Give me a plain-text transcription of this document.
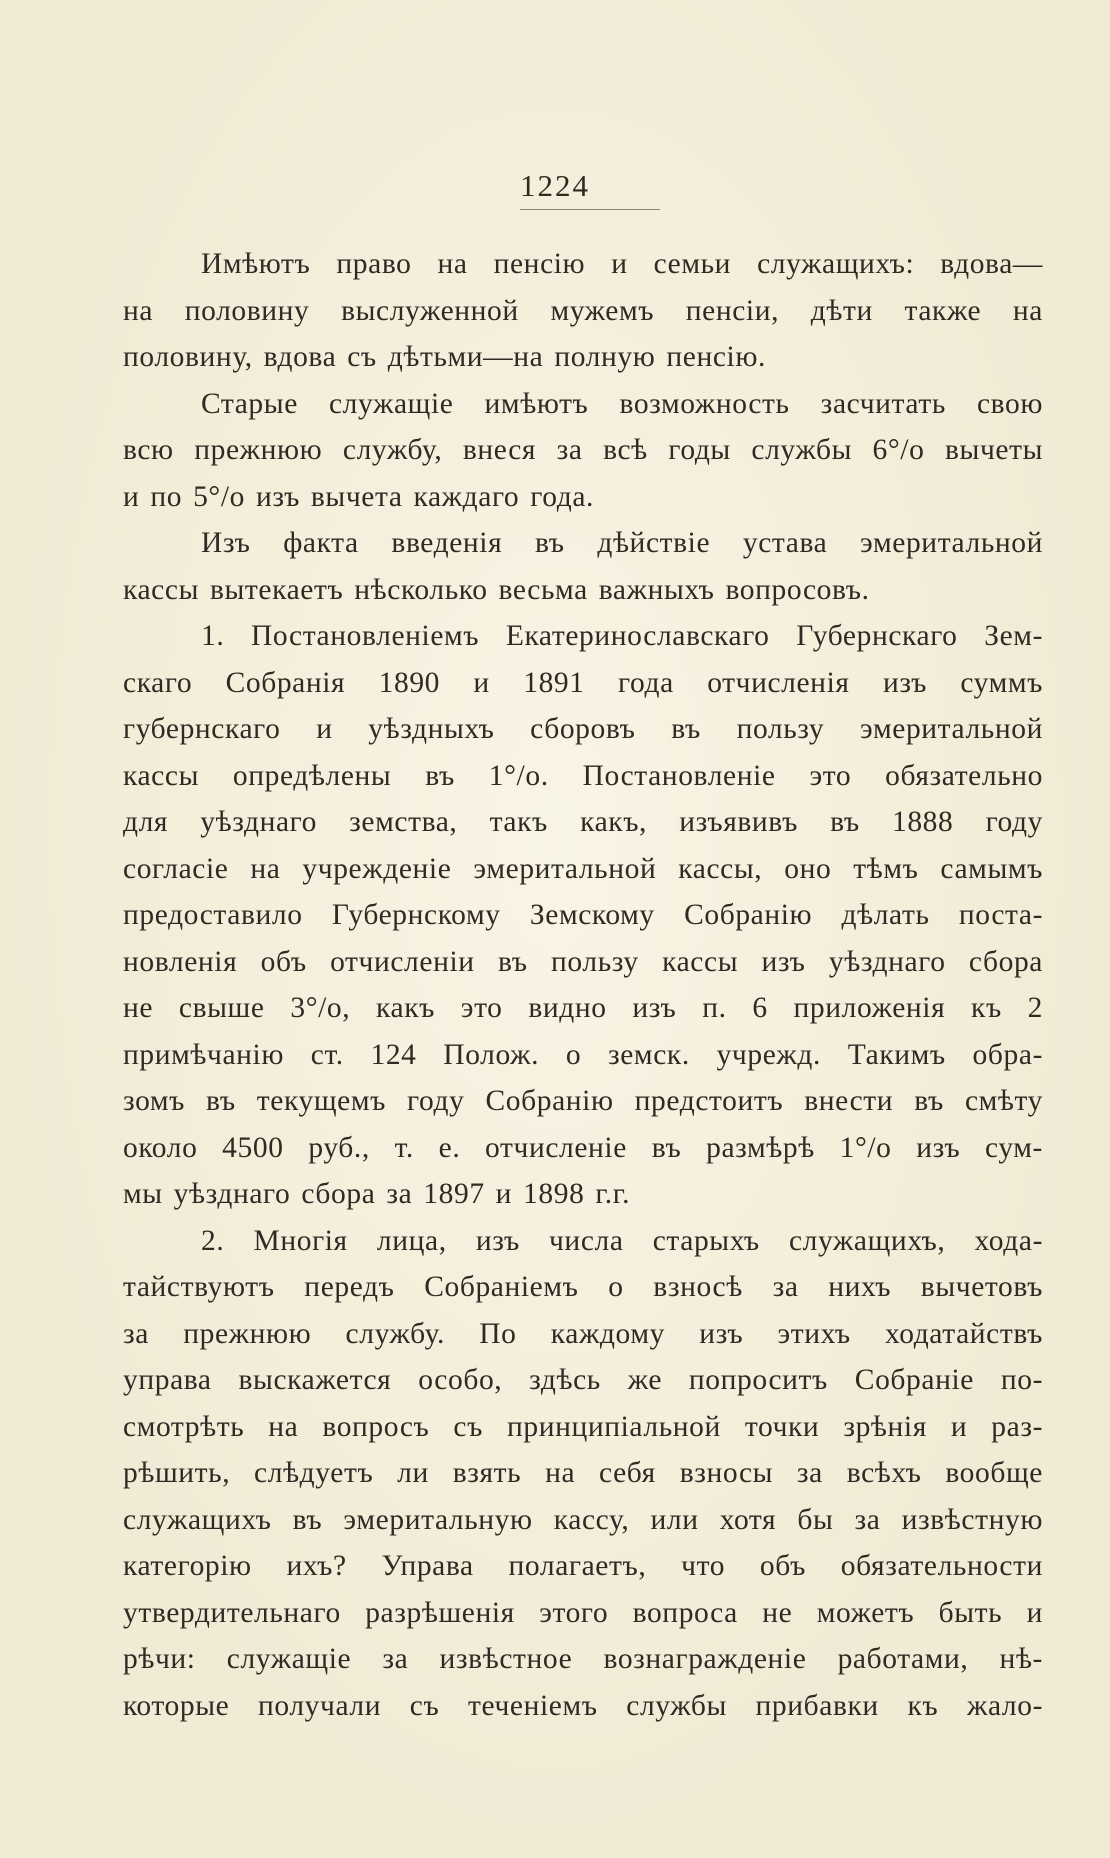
1224
Имѣютъ право на пенсію и семьи служащихъ: вдова—
на половину выслуженной мужемъ пенсіи, дѣти также на
половину, вдова съ дѣтьми—на полную пенсію.
Старые служащіе имѣютъ возможность засчитать свою
всю прежнюю службу, внеся за всѣ годы службы 6°/о вычеты
и по 5°/о изъ вычета каждаго года.
Изъ факта введенія въ дѣйствіе устава эмеритальной
кассы вытекаетъ нѣсколько весьма важныхъ вопросовъ.
1. Постановленіемъ Екатеринославскаго Губернскаго Зем-
скаго Собранія 1890 и 1891 года отчисленія изъ суммъ
губернскаго и уѣздныхъ сборовъ въ пользу эмеритальной
кассы опредѣлены въ 1°/о. Постановленіе это обязательно
для уѣзднаго земства, такъ какъ, изъявивъ въ 1888 году
согласіе на учрежденіе эмеритальной кассы, оно тѣмъ самымъ
предоставило Губернскому Земскому Собранію дѣлать поста-
новленія объ отчисленіи въ пользу кассы изъ уѣзднаго сбора
не свыше 3°/о, какъ это видно изъ п. 6 приложенія къ 2
примѣчанію ст. 124 Полож. о земск. учрежд. Такимъ обра-
зомъ въ текущемъ году Собранію предстоитъ внести въ смѣту
около 4500 руб., т. е. отчисленіе въ размѣрѣ 1°/о изъ сум-
мы уѣзднаго сбора за 1897 и 1898 г.г.
2. Многія лица, изъ числа старыхъ служащихъ, хода-
тайствуютъ передъ Собраніемъ о взносѣ за нихъ вычетовъ
за прежнюю службу. По каждому изъ этихъ ходатайствъ
управа выскажется особо, здѣсь же попроситъ Собраніе по-
смотрѣть на вопросъ съ принципіальной точки зрѣнія и раз-
рѣшить, слѣдуетъ ли взять на себя взносы за всѣхъ вообще
служащихъ въ эмеритальную кассу, или хотя бы за извѣстную
категорію ихъ? Управа полагаетъ, что объ обязательности
утвердительнаго разрѣшенія этого вопроса не можетъ быть и
рѣчи: служащіе за извѣстное вознагражденіе работами, нѣ-
которые получали съ теченіемъ службы прибавки къ жало-
